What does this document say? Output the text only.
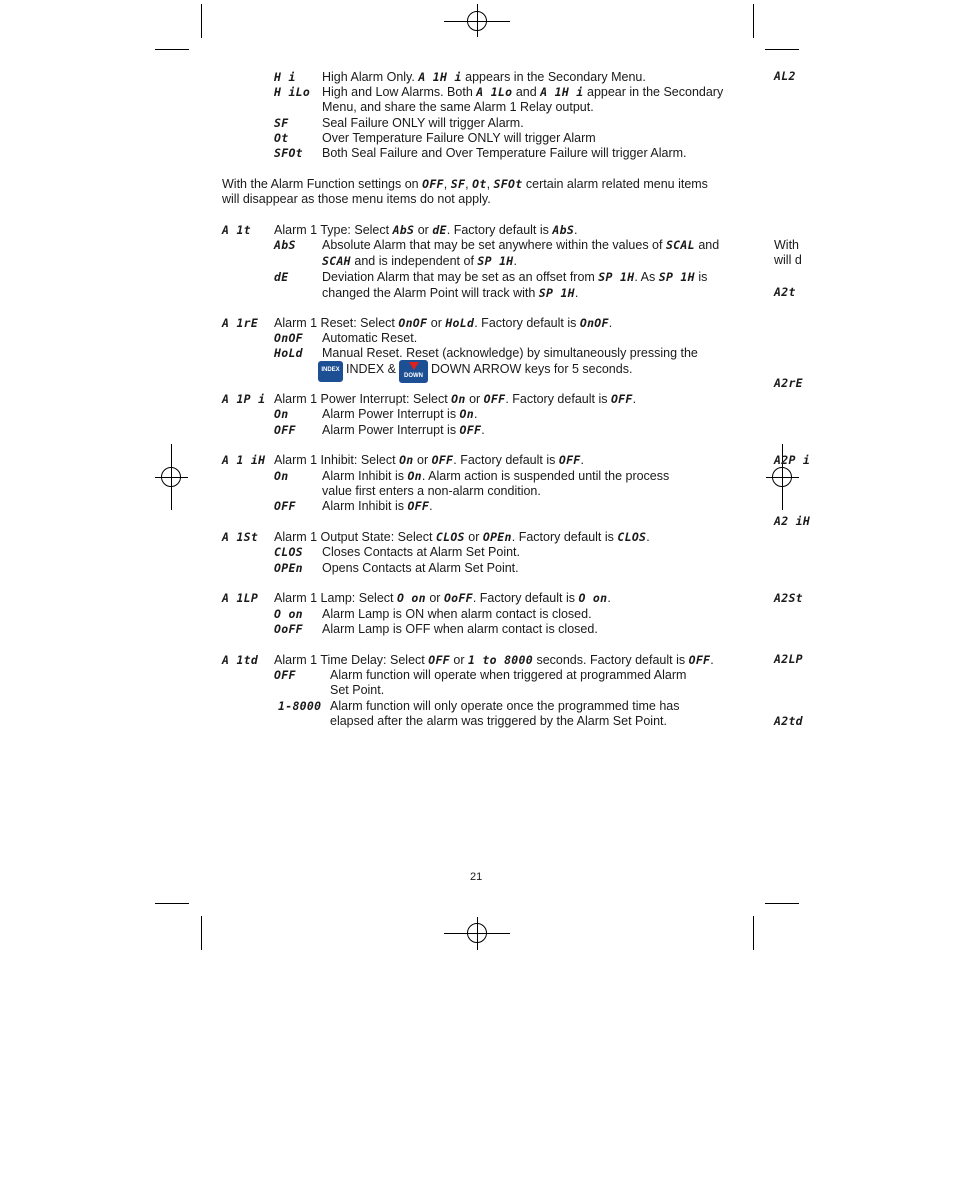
AL2
With
will d
A2t
A2rE
A2P i
A2 iH
A2St
A2LP
A2td
H i High Alarm Only. A 1H i appears in the Secondary Menu.
H iLo High and Low Alarms. Both A 1Lo and A 1H i appear in the Secondary
Menu, and share the same Alarm 1 Relay output.
SF	Seal Failure ONLY will trigger Alarm.
Ot	Over Temperature Failure ONLY will trigger Alarm
SFOt Both Seal Failure and Over Temperature Failure will trigger Alarm.
With the Alarm Function settings on OFF, SF, Ot, SFOt certain alarm related menu items
will disappear as those menu items do not apply.
A 1t Alarm 1 Type: Select AbS or dE. Factory default is AbS.
AbS Absolute Alarm that may be set anywhere within the values of SCAL and
SCAH and is independent of SP 1H.
dE	Deviation Alarm that may be set as an offset from SP 1H. As SP 1H is
changed the Alarm Point will track with SP 1H.
A 1rE Alarm 1 Reset: Select OnOF or HoLd. Factory default is OnOF.
OnOF Automatic Reset.
HoLd Manual Reset. Reset (acknowledge) by simultaneously pressing the
INDEX INDEX &	DOWN DOWN ARROW keys for 5 seconds.
A 1P i Alarm 1 Power Interrupt: Select On or OFF. Factory default is OFF.
On	Alarm Power Interrupt is On.
OFF Alarm Power Interrupt is OFF.
A 1 iH Alarm 1 Inhibit: Select On or OFF. Factory default is OFF.
On	Alarm Inhibit is On. Alarm action is suspended until the process
value first enters a non-alarm condition.
OFF Alarm Inhibit is OFF.
A 1St Alarm 1 Output State: Select CLOS or OPEn. Factory default is CLOS.
CLOS Closes Contacts at Alarm Set Point.
OPEn Opens Contacts at Alarm Set Point.
A 1LP Alarm 1 Lamp: Select O on or OoFF. Factory default is O on.
O on Alarm Lamp is ON when alarm contact is closed.
OoFF Alarm Lamp is OFF when alarm contact is closed.
A 1td Alarm 1 Time Delay: Select OFF or 1 to 8000 seconds. Factory default is OFF.
OFF	Alarm function will operate when triggered at programmed Alarm
Set Point.
1-8000 Alarm function will only operate once the programmed time has
elapsed after the alarm was triggered by the Alarm Set Point.
21
